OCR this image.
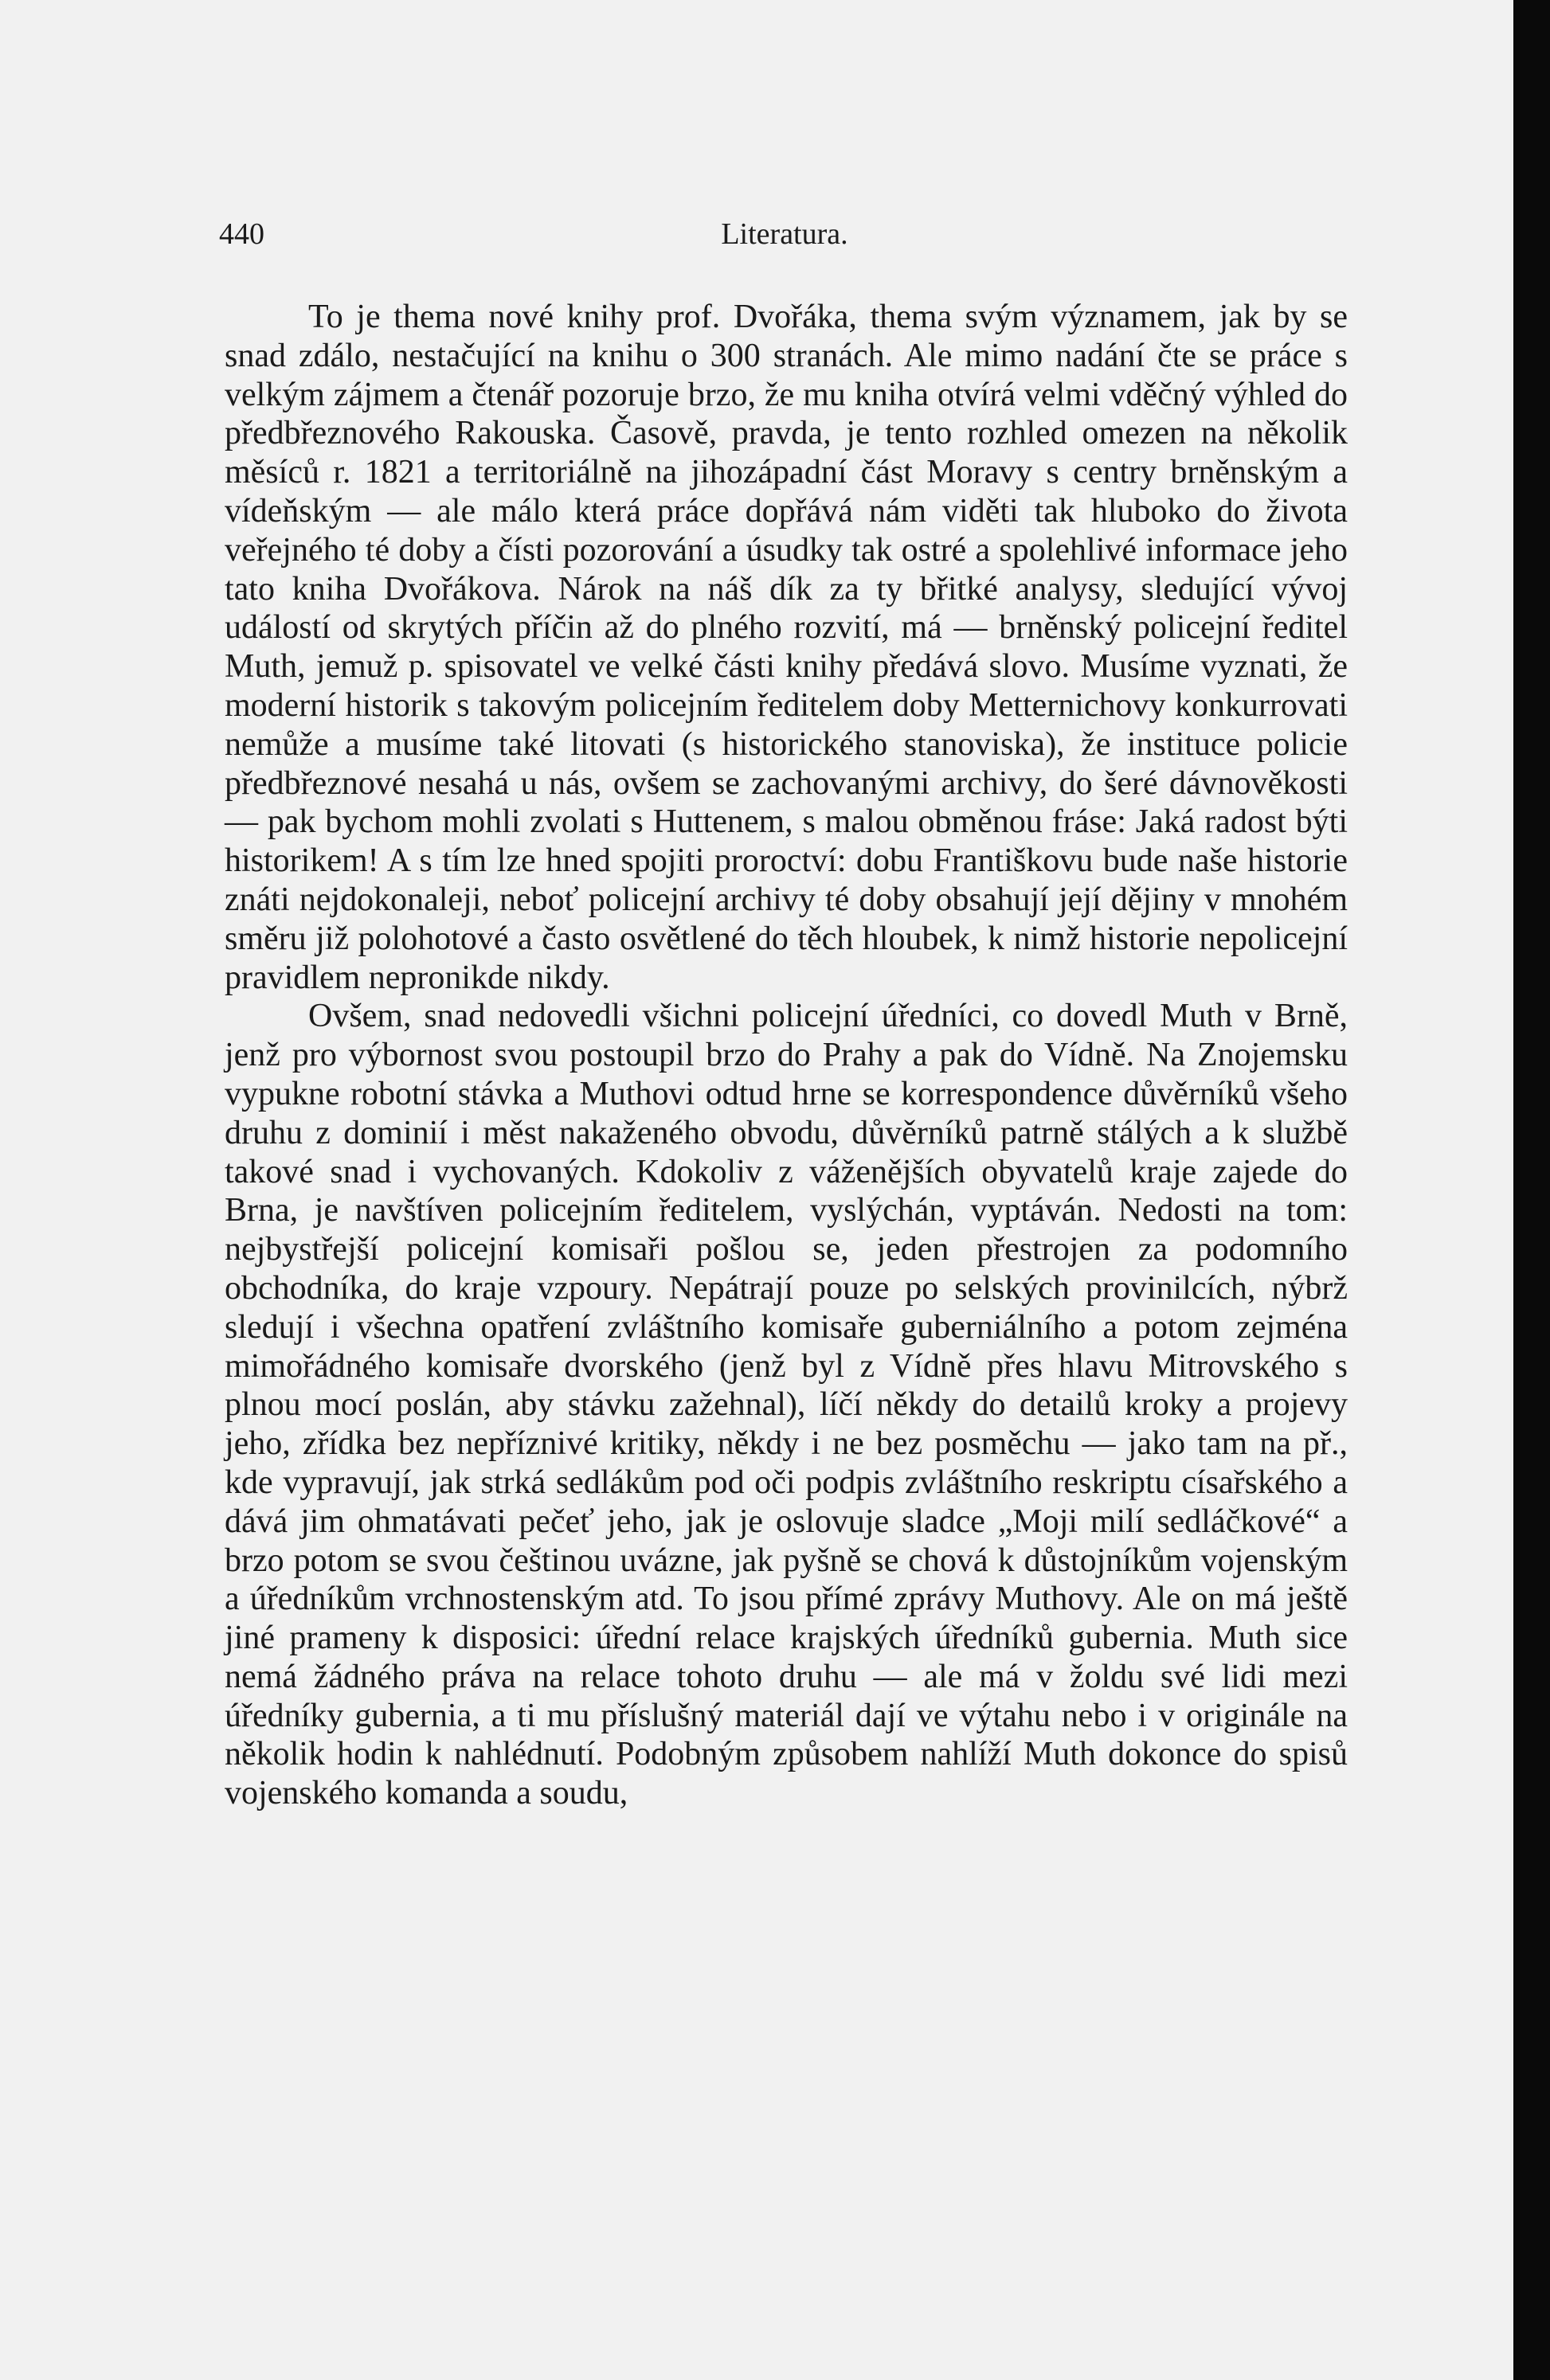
440	Literatura.

To je thema nové knihy prof. Dvořáka, thema svým významem, jak by se snad zdálo, nestačující na knihu o 300 stranách. Ale mimo nadání čte se práce s velkým zájmem a čtenář pozoruje brzo, že mu kniha otvírá velmi vděčný výhled do předbřeznového Rakouska. Časově, pravda, je tento rozhled omezen na několik měsíců r. 1821 a territoriálně na jihozápadní část Moravy s centry brněnským a vídeňským — ale málo která práce dopřává nám viděti tak hluboko do života veřejného té doby a čísti pozorování a úsudky tak ostré a spolehlivé informace jeho tato kniha Dvořákova. Nárok na náš dík za ty břitké analysy, sledující vývoj událostí od skrytých příčin až do plného rozvití, má — brněnský policejní ředitel Muth, jemuž p. spisovatel ve velké části knihy předává slovo. Musíme vyznati, že moderní historik s takovým policejním ředitelem doby Metternichovy konkurrovati nemůže a musíme také litovati (s historického stanoviska), že instituce policie předbřeznové nesahá u nás, ovšem se zachovanými archivy, do šeré dávnověkosti — pak bychom mohli zvolati s Huttenem, s malou obměnou fráse: Jaká radost býti historikem! A s tím lze hned spojiti proroctví: dobu Františkovu bude naše historie znáti nejdokonaleji, neboť policejní archivy té doby obsahují její dějiny v mnohém směru již polohotové a často osvětlené do těch hloubek, k nimž historie nepolicejní pravidlem nepronikde nikdy.

Ovšem, snad nedovedli všichni policejní úředníci, co dovedl Muth v Brně, jenž pro výbornost svou postoupil brzo do Prahy a pak do Vídně. Na Znojemsku vypukne robotní stávka a Muthovi odtud hrne se korrespondence důvěrníků všeho druhu z dominií i měst nakaženého obvodu, důvěrníků patrně stálých a k službě takové snad i vychovaných. Kdokoliv z váženějších obyvatelů kraje zajede do Brna, je navštíven policejním ředitelem, vyslýchán, vyptáván. Nedosti na tom: nejbystřejší policejní komisaři pošlou se, jeden přestrojen za podomního obchodníka, do kraje vzpoury. Nepátrají pouze po selských provinilcích, nýbrž sledují i všechna opatření zvláštního komisaře guberniálního a potom zejména mimořádného komisaře dvorského (jenž byl z Vídně přes hlavu Mitrovského s plnou mocí poslán, aby stávku zažehnal), líčí někdy do detailů kroky a projevy jeho, zřídka bez nepříznivé kritiky, někdy i ne bez posměchu — jako tam na př., kde vypravují, jak strká sedlákům pod oči podpis zvláštního reskriptu císařského a dává jim ohmatávati pečeť jeho, jak je oslovuje sladce „Moji milí sedláčkové“ a brzo potom se svou češtinou uvázne, jak pyšně se chová k důstojníkům vojenským a úředníkům vrchnostenským atd. To jsou přímé zprávy Muthovy. Ale on má ještě jiné prameny k disposici: úřední relace krajských úředníků gubernia. Muth sice nemá žádného práva na relace tohoto druhu — ale má v žoldu své lidi mezi úředníky gubernia, a ti mu příslušný materiál dají ve výtahu nebo i v originále na několik hodin k nahlédnutí. Podobným způsobem nahlíží Muth dokonce do spisů vojenského komanda a soudu,
